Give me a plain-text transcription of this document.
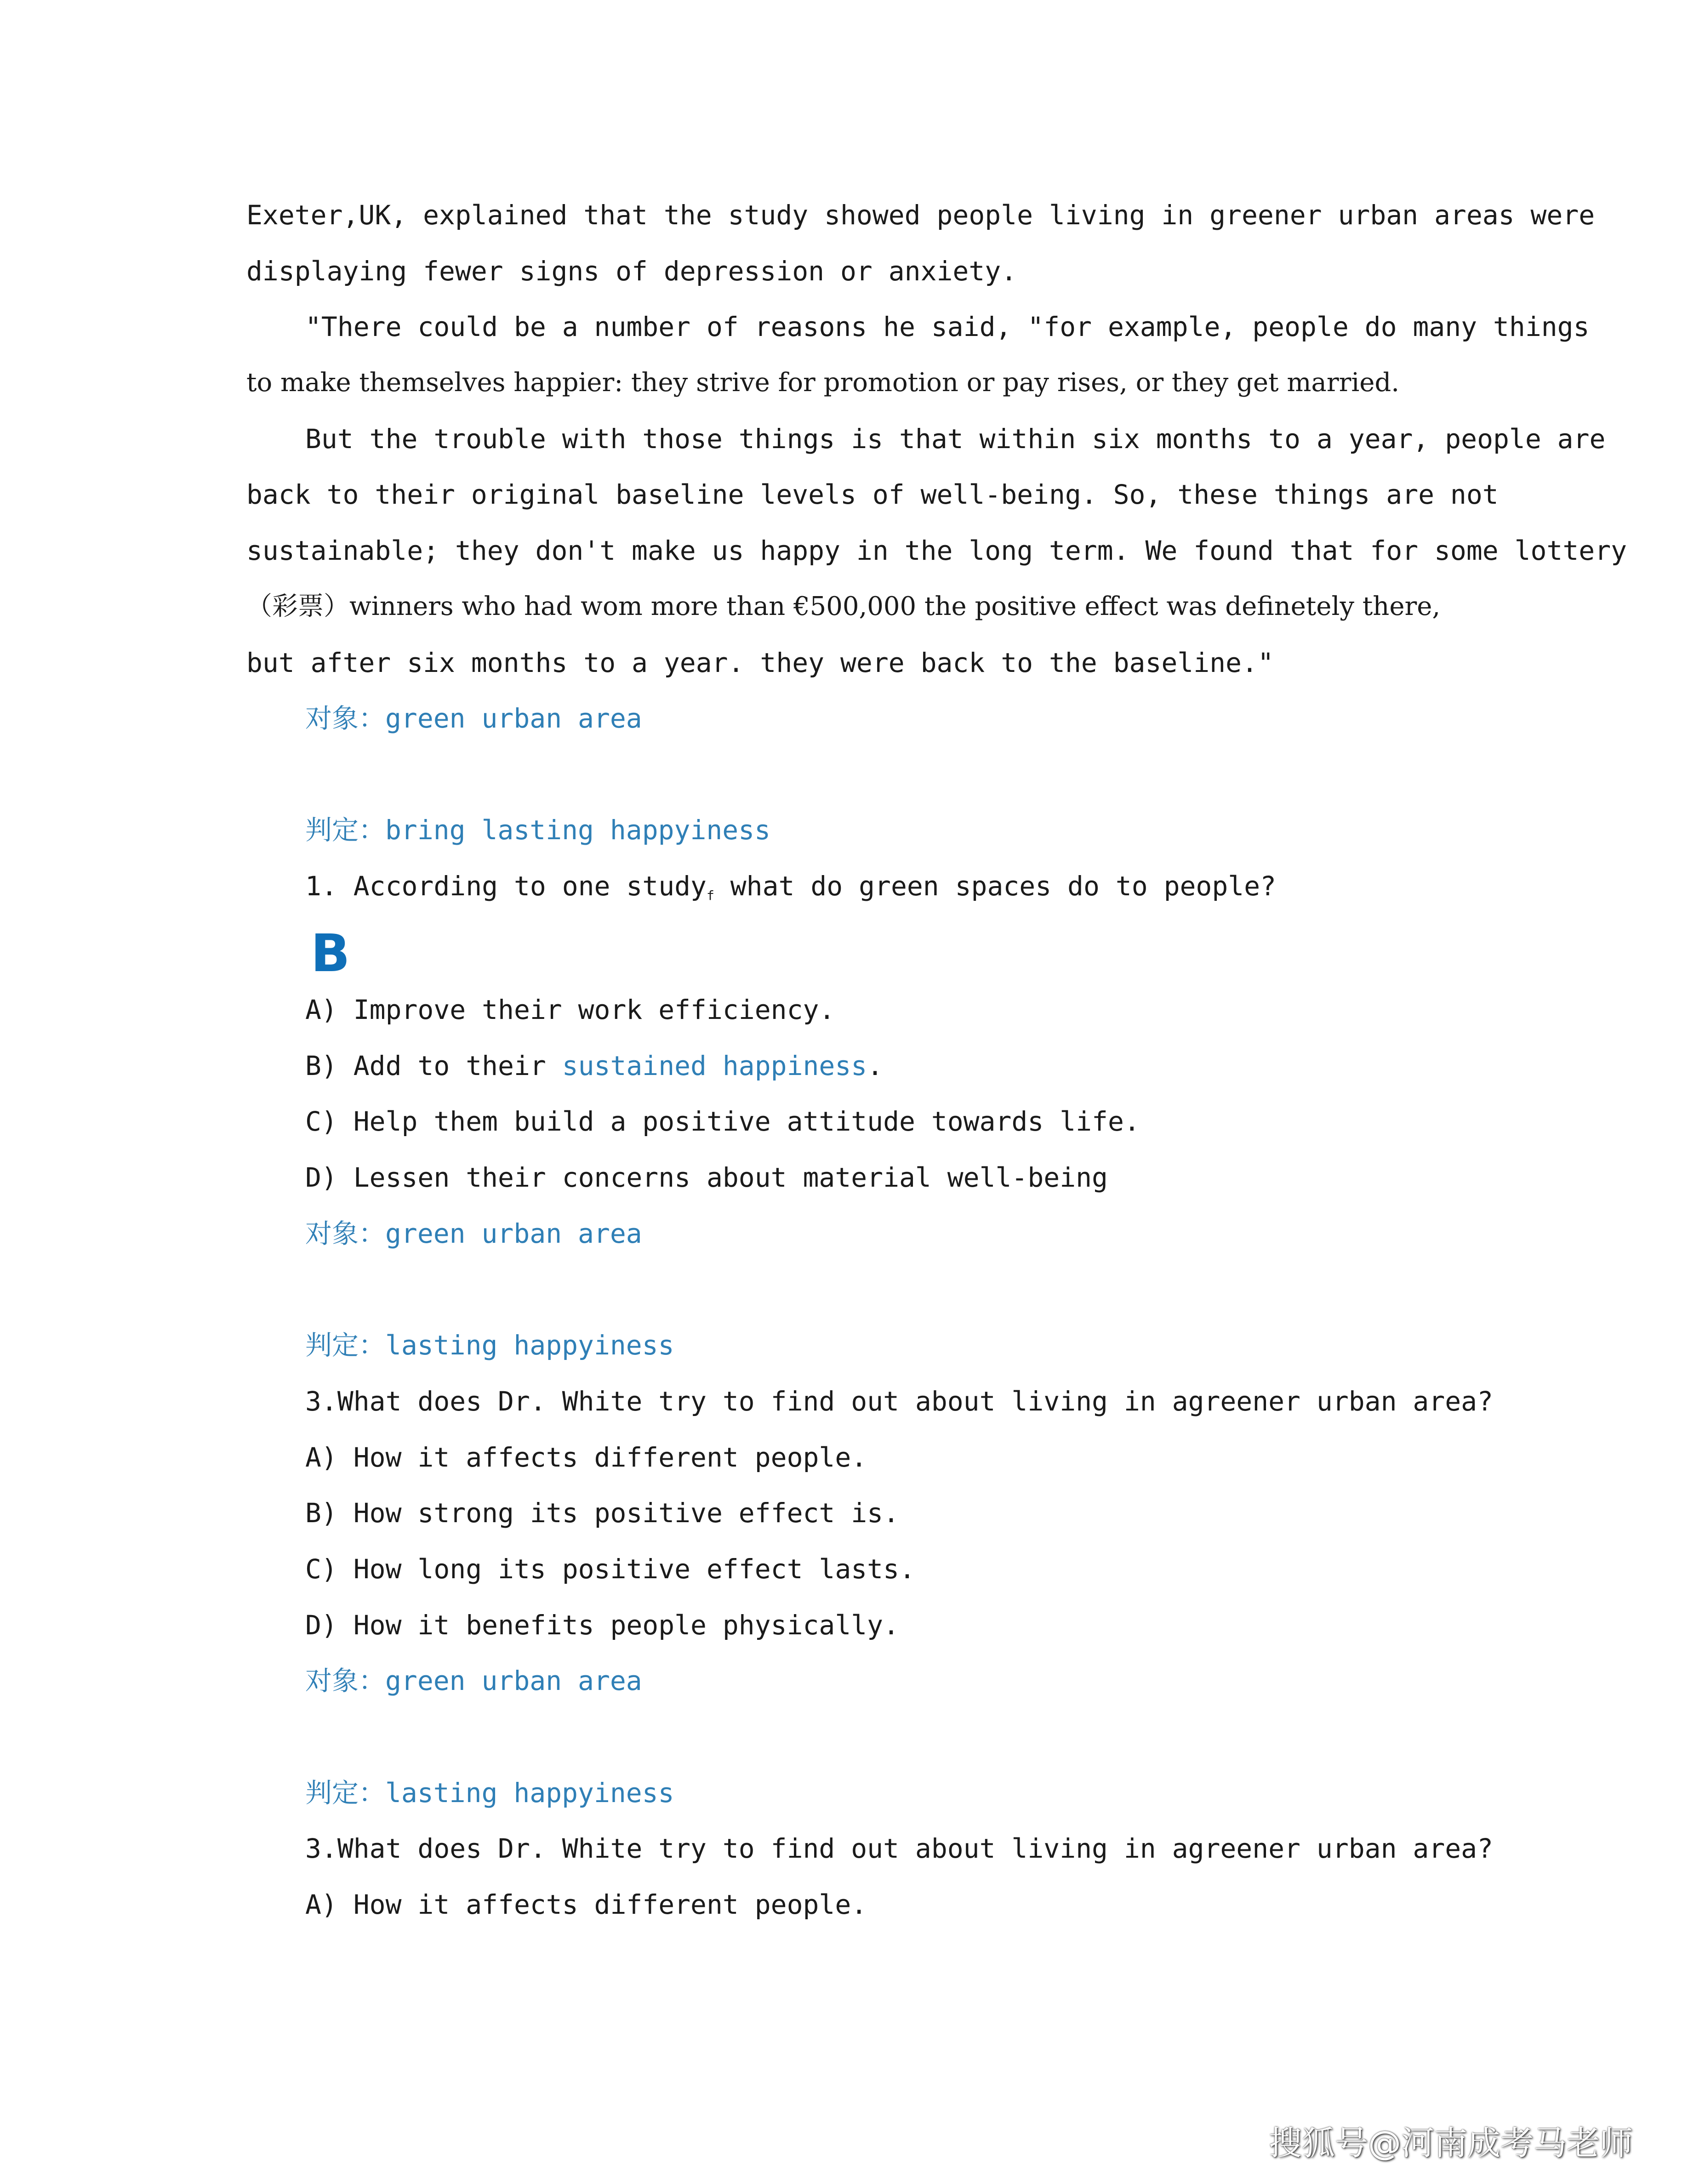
Exeter,UK, explained that the study showed people living in greener urban areas were
displaying fewer signs of depression or anxiety.
"There could be a number of reasons he said, "for example, people do many things
to make themselves happier: they strive for promotion or pay rises, or they get married.
But the trouble with those things is that within six months to a year, people are
back to their original baseline levels of well-being. So, these things are not
sustainable; they don't make us happy in the long term. We found that for some lottery
（彩票）winners who had wom more than €500,000 the positive effect was definetely there,
but after six months to a year. they were back to the baseline."
对象：green urban area
判定：bring lasting happyiness
1. According to one study$_f$ what do green spaces do to people?
B
A) Improve their work efficiency.
B) Add to their sustained happiness.
C) Help them build a positive attitude towards life.
D) Lessen their concerns about material well-being
对象：green urban area
判定：lasting happyiness
3.What does Dr. White try to find out about living in agreener urban area?
A) How it affects different people.
B) How strong its positive effect is.
C) How long its positive effect lasts.
D) How it benefits people physically.
对象：green urban area
判定：lasting happyiness
3.What does Dr. White try to find out about living in agreener urban area?
A) How it affects different people.
搜狐号@河南成考马老师
